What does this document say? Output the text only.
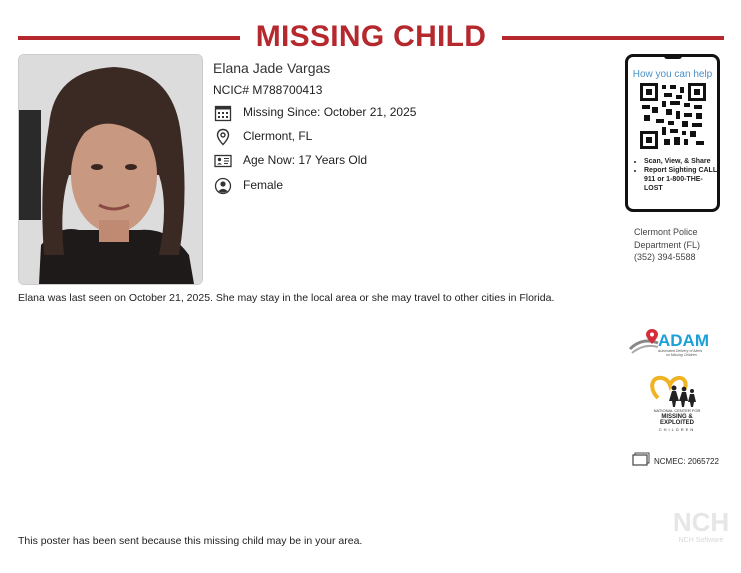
MISSING CHILD
Elana Jade Vargas
NCIC# M788700413
Missing Since: October 21, 2025
Clermont, FL
Age Now: 17 Years Old
Female
How you can help
• Scan, View, & Share
• Report Sighting CALL 911 or 1-800-THE-LOST
Clermont Police
Department (FL)
(352) 394-5588
Elana was last seen on October 21, 2025. She may stay in the local area or she may travel to other cities in Florida.
ADAM
Automated Delivery of Alerts
on Missing Children
NATIONAL CENTER FOR
MISSING &
EXPLOITED
CHILDREN
NCMEC: 2065722
NCH
NCH Software
This poster has been sent because this missing child may be in your area.
